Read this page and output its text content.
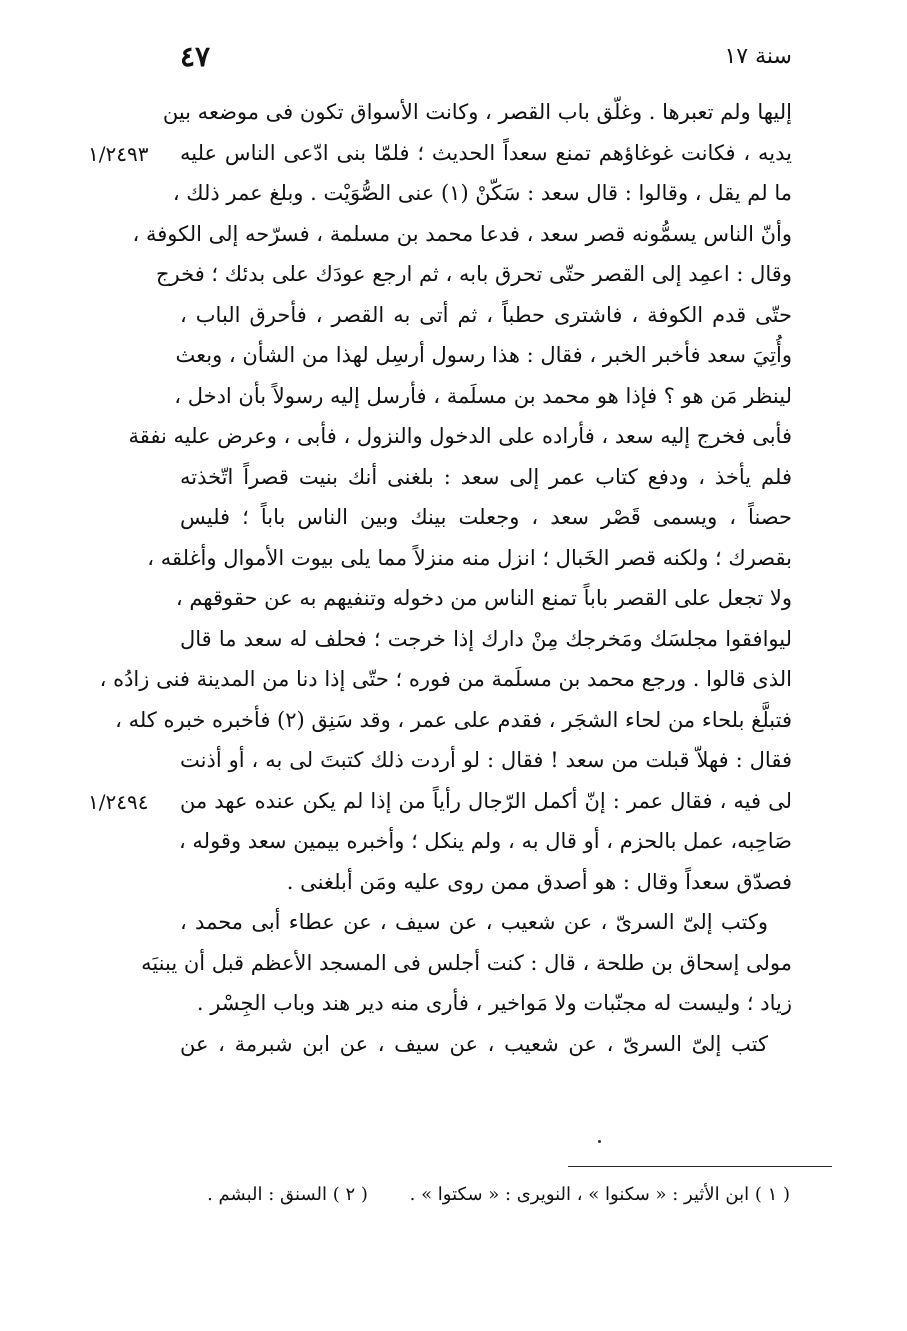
سنة ١٧
٤٧
١/٢٤٩٣
١/٢٤٩٤
إليها ولم تعبرها . وغلّق باب القصر ، وكانت الأسواق تكون فى موضعه بين
يديه ، فكانت غوغاؤهم تمنع سعداً الحديث ؛ فلمّا بنى ادّعى الناس عليه
ما لم يقل ، وقالوا : قال سعد : سَكّنْ (١) عنى الصُّوَيْت . وبلغ عمر ذلك ،
وأنّ الناس يسمُّونه قصر سعد ، فدعا محمد بن مسلمة ، فسرّحه إلى الكوفة ،
وقال : اعمِد إلى القصر حتّى تحرق بابه ، ثم ارجع عودَك على بدئك ؛ فخرج
حتّى قدم الكوفة ، فاشترى حطباً ، ثم أتى به القصر ، فأحرق الباب ،
وأُتِيَ سعد فأخبر الخبر ، فقال : هذا رسول أرسِل لهذا من الشأن ، وبعث
لينظر مَن هو ؟ فإذا هو محمد بن مسلَمة ، فأرسل إليه رسولاً بأن ادخل ،
فأبى فخرج إليه سعد ، فأراده على الدخول والنزول ، فأبى ، وعرض عليه نفقة
فلم يأخذ ، ودفع كتاب عمر إلى سعد : بلغنى أنك بنيت قصراً اتّخذته
حصناً ، ويسمى قَصْر سعد ، وجعلت بينك وبين الناس باباً ؛ فليس
بقصرك ؛ ولكنه قصر الخَبال ؛ انزل منه منزلاً مما يلى بيوت الأموال وأغلقه ،
ولا تجعل على القصر باباً تمنع الناس من دخوله وتنفيهم به عن حقوقهم ،
ليوافقوا مجلسَك ومَخرجك مِنْ دارك إذا خرجت ؛ فحلف له سعد ما قال
الذى قالوا . ورجع محمد بن مسلَمة من فوره ؛ حتّى إذا دنا من المدينة فنى زادُه ،
فتبلَّغ بلحاء من لحاء الشجَر ، فقدم على عمر ، وقد سَنِق (٢) فأخبره خبره كله ،
فقال : فهلاّ قبلت من سعد ! فقال : لو أردت ذلك كتبتَ لى به ، أو أذنت
لى فيه ، فقال عمر : إنّ أكمل الرّجال رأياً من إذا لم يكن عنده عهد من
صَاحِبه، عمل بالحزم ، أو قال به ، ولم ينكل ؛ وأخبره بيمين سعد وقوله ،
فصدّق سعداً وقال : هو أصدق ممن روى عليه ومَن أبلغنى .
وكتب إلىّ السرىّ ، عن شعيب ، عن سيف ، عن عطاء أبى محمد ،
مولى إسحاق بن طلحة ، قال : كنت أجلس فى المسجد الأعظم قبل أن يبنيَه
زياد ؛ وليست له مجنّبات ولا مَواخير ، فأرى منه دير هند وباب الجِسْر .
كتب إلىّ السرىّ ، عن شعيب ، عن سيف ، عن ابن شبرمة ، عن
( ١ ) ابن الأثير : « سكنوا » ، النويرى : « سكتوا » . ( ٢ ) السنق : البشم .
